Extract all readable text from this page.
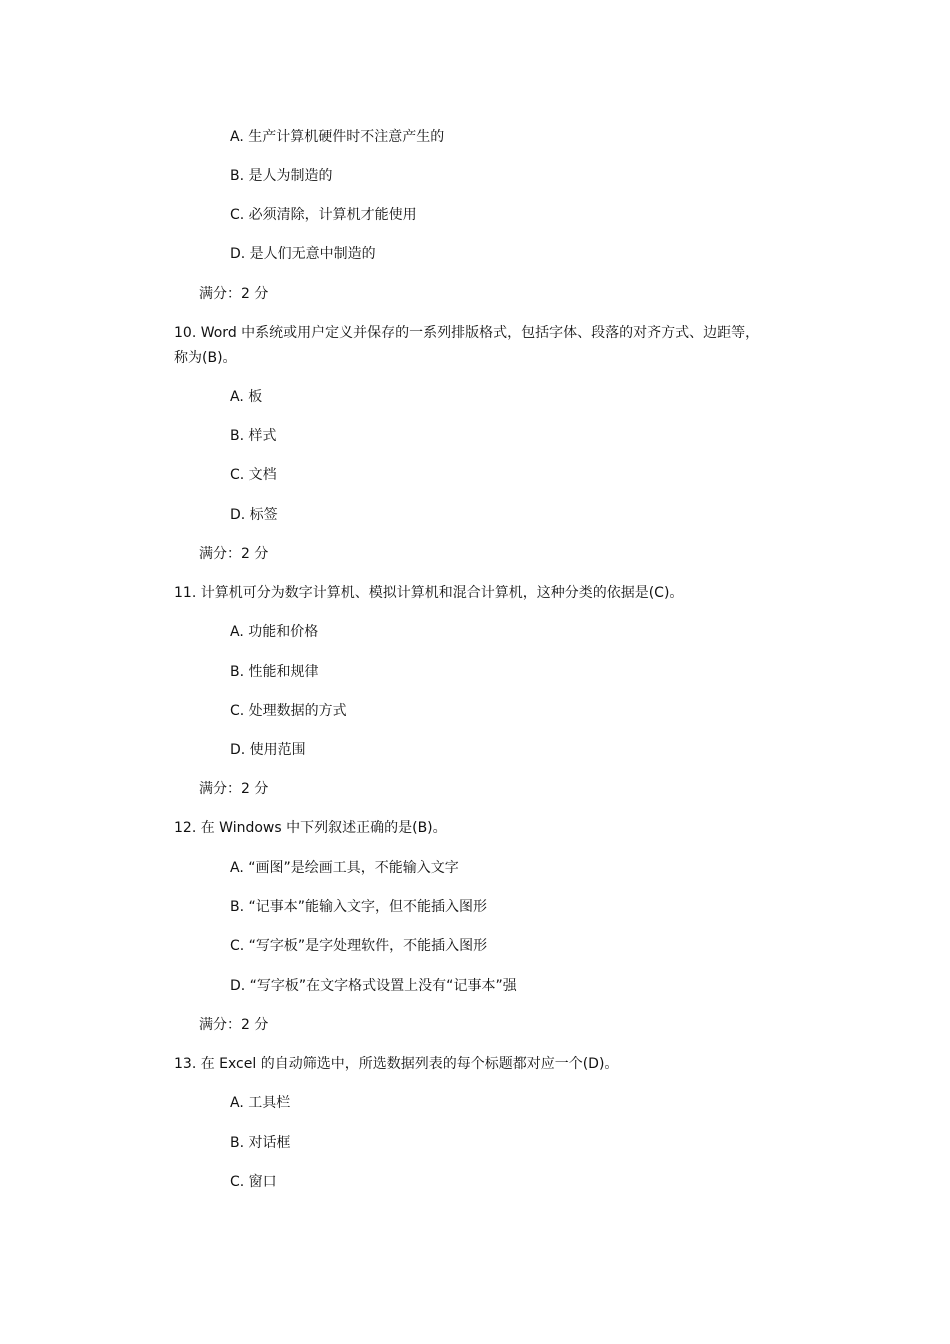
A. 生产计算机硬件时不注意产生的

B. 是人为制造的

C. 必须清除，计算机才能使用

D. 是人们无意中制造的

满分：2 分

10. Word 中系统或用户定义并保存的一系列排版格式，包括字体、段落的对齐方式、边距等，

称为(B)。

A. 板

B. 样式

C. 文档

D. 标签

满分：2 分

11. 计算机可分为数字计算机、模拟计算机和混合计算机，这种分类的依据是(C)。

A. 功能和价格

B. 性能和规律

C. 处理数据的方式

D. 使用范围

满分：2 分

12. 在 Windows 中下列叙述正确的是(B)。

A. “画图”是绘画工具，不能输入文字

B. “记事本”能输入文字，但不能插入图形

C. “写字板”是字处理软件，不能插入图形

D. “写字板”在文字格式设置上没有“记事本”强

满分：2 分

13. 在 Excel 的自动筛选中，所选数据列表的每个标题都对应一个(D)。

A. 工具栏

B. 对话框

C. 窗口
